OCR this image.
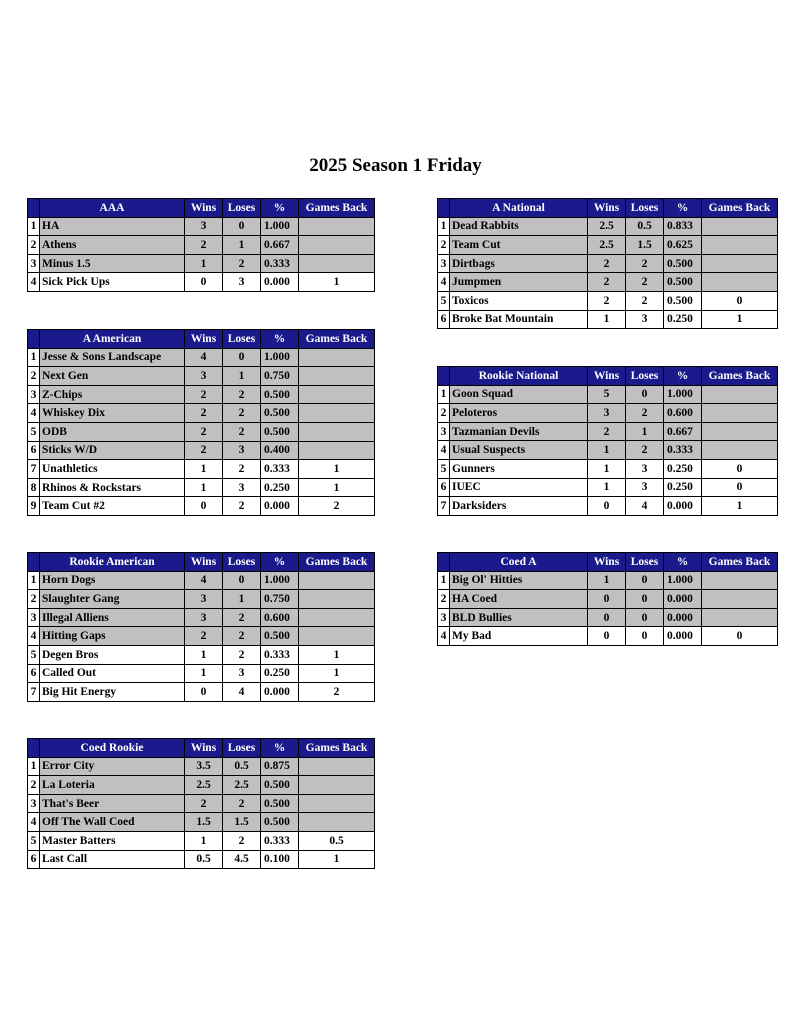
2025 Season 1 Friday
	AAA	Wins	Loses	%	Games Back
1	HA	3	0	1.000	
2	Athens	2	1	0.667	
3	Minus 1.5	1	2	0.333	
4	Sick Pick Ups	0	3	0.000	1
	A American	Wins	Loses	%	Games Back
1	Jesse & Sons Landscape	4	0	1.000	
2	Next Gen	3	1	0.750	
3	Z-Chips	2	2	0.500	
4	Whiskey Dix	2	2	0.500	
5	ODB	2	2	0.500	
6	Sticks W/D	2	3	0.400	
7	Unathletics	1	2	0.333	1
8	Rhinos & Rockstars	1	3	0.250	1
9	Team Cut #2	0	2	0.000	2
	Rookie American	Wins	Loses	%	Games Back
1	Horn Dogs	4	0	1.000	
2	Slaughter Gang	3	1	0.750	
3	Illegal Alliens	3	2	0.600	
4	Hitting Gaps	2	2	0.500	
5	Degen Bros	1	2	0.333	1
6	Called Out	1	3	0.250	1
7	Big Hit Energy	0	4	0.000	2
	Coed Rookie	Wins	Loses	%	Games Back
1	Error City	3.5	0.5	0.875	
2	La Loteria	2.5	2.5	0.500	
3	That's Beer	2	2	0.500	
4	Off The Wall Coed	1.5	1.5	0.500	
5	Master Batters	1	2	0.333	0.5
6	Last Call	0.5	4.5	0.100	1
	A National	Wins	Loses	%	Games Back
1	Dead Rabbits	2.5	0.5	0.833	
2	Team Cut	2.5	1.5	0.625	
3	Dirtbags	2	2	0.500	
4	Jumpmen	2	2	0.500	
5	Toxicos	2	2	0.500	0
6	Broke Bat Mountain	1	3	0.250	1
	Rookie National	Wins	Loses	%	Games Back
1	Goon Squad	5	0	1.000	
2	Peloteros	3	2	0.600	
3	Tazmanian Devils	2	1	0.667	
4	Usual Suspects	1	2	0.333	
5	Gunners	1	3	0.250	0
6	IUEC	1	3	0.250	0
7	Darksiders	0	4	0.000	1
	Coed A	Wins	Loses	%	Games Back
1	Big Ol' Hitties	1	0	1.000	
2	HA Coed	0	0	0.000	
3	BLD Bullies	0	0	0.000	
4	My Bad	0	0	0.000	0
